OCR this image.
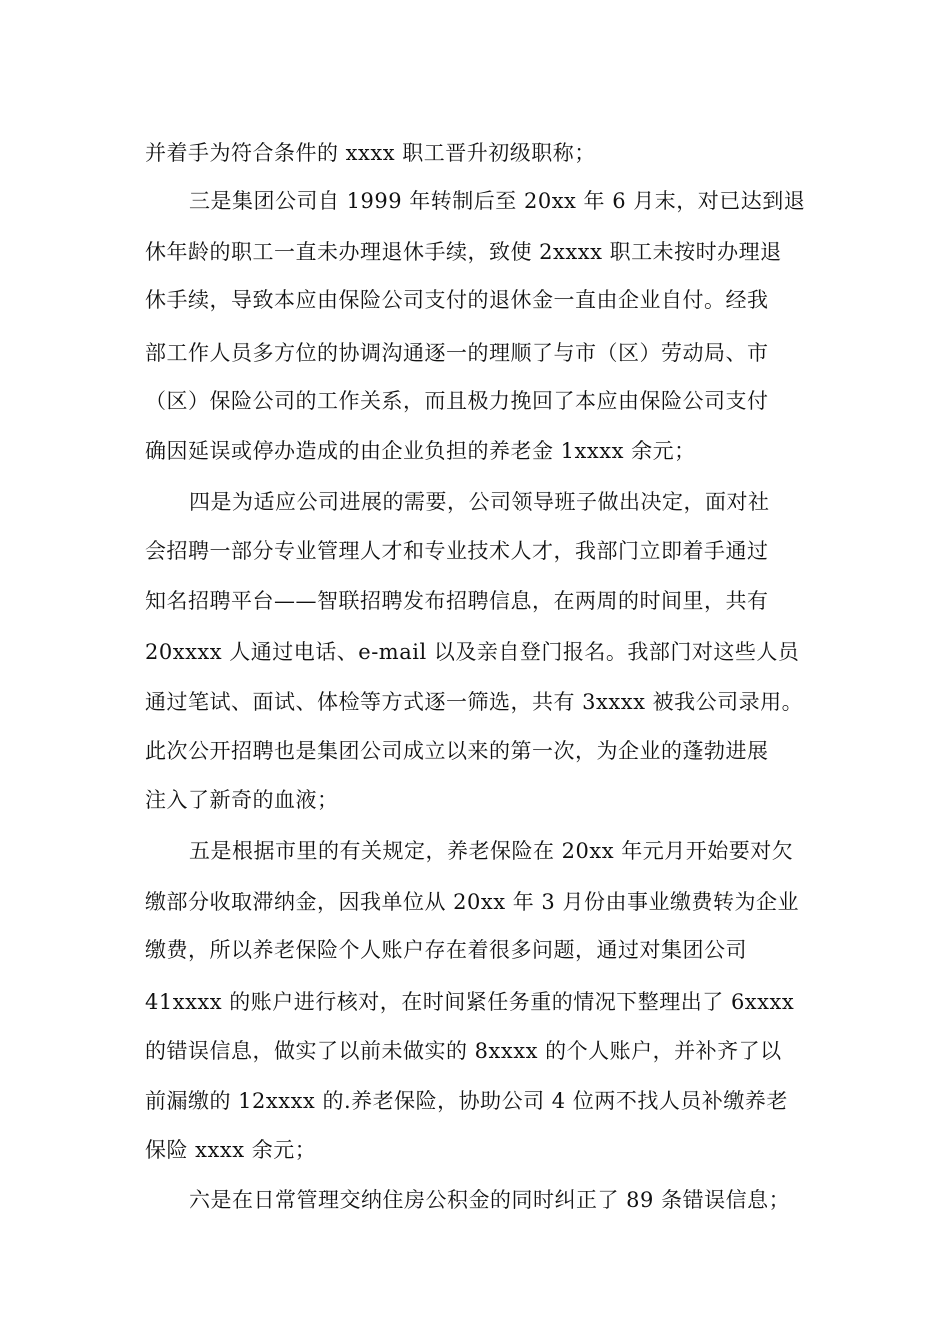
并着手为符合条件的 xxxx 职工晋升初级职称；
三是集团公司自 1999 年转制后至 20xx 年 6 月末，对已达到退
休年龄的职工一直未办理退休手续，致使 2xxxx 职工未按时办理退
休手续，导致本应由保险公司支付的退休金一直由企业自付。经我
部工作人员多方位的协调沟通逐一的理顺了与市（区）劳动局、市
（区）保险公司的工作关系，而且极力挽回了本应由保险公司支付
确因延误或停办造成的由企业负担的养老金 1xxxx 余元；
四是为适应公司进展的需要，公司领导班子做出决定，面对社
会招聘一部分专业管理人才和专业技术人才，我部门立即着手通过
知名招聘平台——智联招聘发布招聘信息，在两周的时间里，共有
20xxxx 人通过电话、e-mail 以及亲自登门报名。我部门对这些人员
通过笔试、面试、体检等方式逐一筛选，共有 3xxxx 被我公司录用。
此次公开招聘也是集团公司成立以来的第一次，为企业的蓬勃进展
注入了新奇的血液；
五是根据市里的有关规定，养老保险在 20xx 年元月开始要对欠
缴部分收取滞纳金，因我单位从 20xx 年 3 月份由事业缴费转为企业
缴费，所以养老保险个人账户存在着很多问题，通过对集团公司
41xxxx 的账户进行核对，在时间紧任务重的情况下整理出了 6xxxx
的错误信息，做实了以前未做实的 8xxxx 的个人账户，并补齐了以
前漏缴的 12xxxx 的.养老保险，协助公司 4 位两不找人员补缴养老
保险 xxxx 余元；
六是在日常管理交纳住房公积金的同时纠正了 89 条错误信息；
